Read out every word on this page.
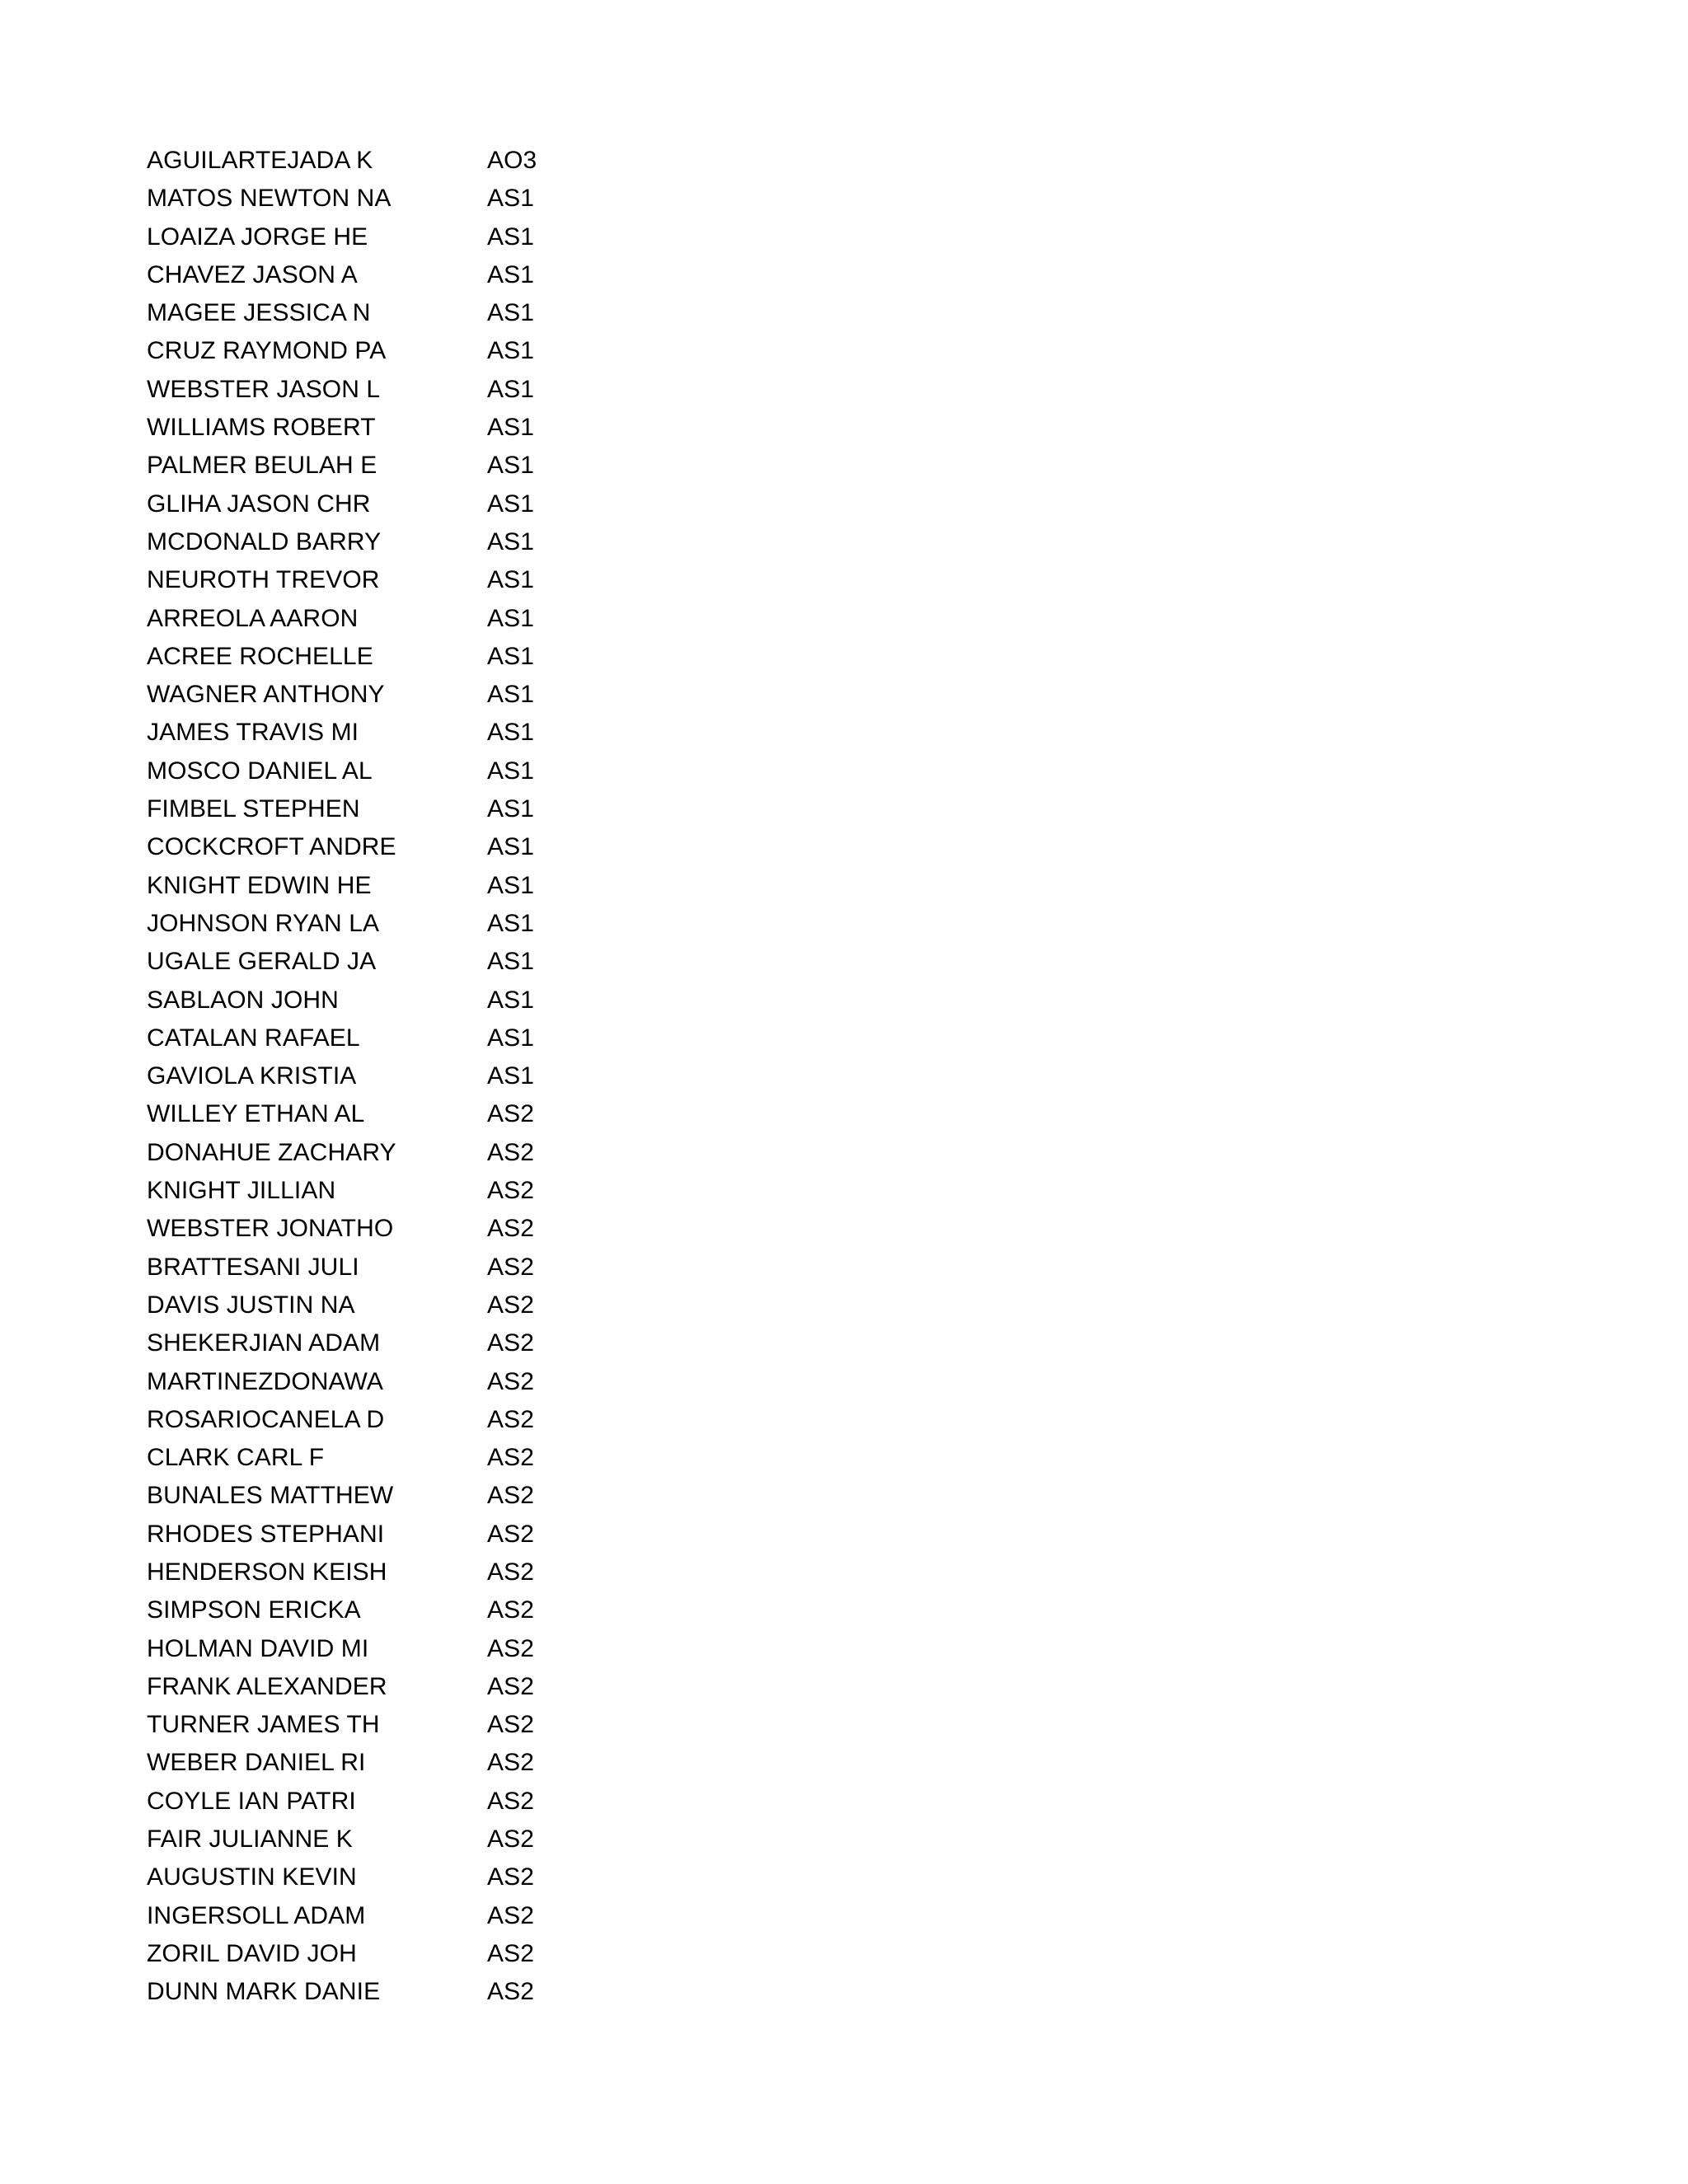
AGUILARTEJADA K	AO3
MATOS NEWTON NA	AS1
LOAIZA JORGE HE	AS1
CHAVEZ JASON A	AS1
MAGEE JESSICA N	AS1
CRUZ RAYMOND PA	AS1
WEBSTER JASON L	AS1
WILLIAMS ROBERT	AS1
PALMER BEULAH E	AS1
GLIHA JASON CHR	AS1
MCDONALD BARRY	AS1
NEUROTH TREVOR	AS1
ARREOLA AARON	AS1
ACREE ROCHELLE	AS1
WAGNER ANTHONY	AS1
JAMES TRAVIS MI	AS1
MOSCO DANIEL AL	AS1
FIMBEL STEPHEN	AS1
COCKCROFT ANDRE	AS1
KNIGHT EDWIN HE	AS1
JOHNSON RYAN LA	AS1
UGALE GERALD JA	AS1
SABLAON JOHN	AS1
CATALAN RAFAEL	AS1
GAVIOLA KRISTIA	AS1
WILLEY ETHAN AL	AS2
DONAHUE ZACHARY	AS2
KNIGHT JILLIAN	AS2
WEBSTER JONATHO	AS2
BRATTESANI JULI	AS2
DAVIS JUSTIN NA	AS2
SHEKERJIAN ADAM	AS2
MARTINEZDONAWA	AS2
ROSARIOCANELA D	AS2
CLARK CARL F	AS2
BUNALES MATTHEW	AS2
RHODES STEPHANI	AS2
HENDERSON KEISH	AS2
SIMPSON ERICKA	AS2
HOLMAN DAVID MI	AS2
FRANK ALEXANDER	AS2
TURNER JAMES TH	AS2
WEBER DANIEL RI	AS2
COYLE IAN PATRI	AS2
FAIR JULIANNE K	AS2
AUGUSTIN KEVIN	AS2
INGERSOLL ADAM	AS2
ZORIL DAVID JOH	AS2
DUNN MARK DANIE	AS2
